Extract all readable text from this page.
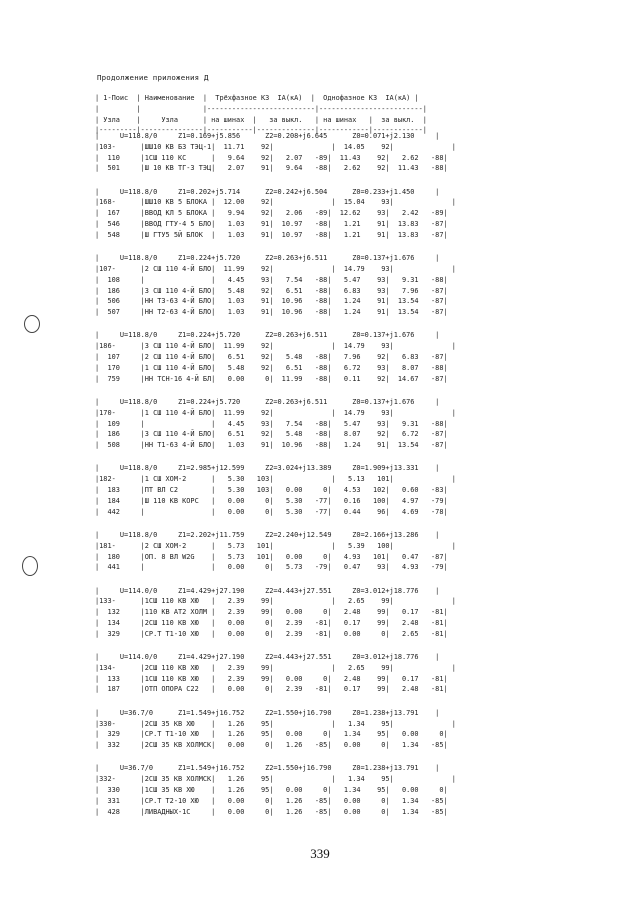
Продолжение приложения Д
| 1-Поис  | Наименование  |  Трёхфазное КЗ  IA(кА)  |  Однофазное КЗ  IA(кА) |
|         |               |--------------------------|-------------------------|
| Узла    |     Узла      | на шинах  |   за выкл.   | на шинах   |  за выкл.  |
|---------|---------------|-----------|--------------|------------|------------|
|     U=118.8/0     Z1=0.169+j5.856      Z2=0.208+j6.645      Z0=0.071+j2.130     |
|103-      |ШШ10 КВ Б3 ТЭЦ-1|  11.71    92|              |  14.05    92|              |
|  110     |1СШ 110 КС      |   9.64    92|   2.07   -89|  11.43    92|   2.62   -88|
|  501     |Ш 10 КВ ТГ-3 ТЭЦ|   2.07    91|   9.64   -88|   2.62    92|  11.43   -88|
|     U=118.8/0     Z1=0.202+j5.714      Z2=0.242+j6.504      Z0=0.233+j1.450     |
|168-      |ШШ10 КВ 5 БЛОКА |  12.00    92|              |  15.04    93|              |
|  167     |ВВОД КЛ 5 БЛОКА |   9.94    92|   2.06   -89|  12.62    93|   2.42   -89|
|  546     |ВВОД ГТУ-4 5 БЛО|   1.03    91|  10.97   -88|   1.21    91|  13.83   -87|
|  548     |Ш ГТУ5 5Й БЛОК  |   1.03    91|  10.97   -88|   1.21    91|  13.83   -87|
|     U=118.8/0     Z1=0.224+j5.720      Z2=0.263+j6.511      Z0=0.137+j1.676     |
|107-      |2 СШ 110 4-Й БЛО|  11.99    92|              |  14.79    93|              |
|  108     |                |   4.45    93|   7.54   -88|   5.47    93|   9.31   -88|
|  186     |3 СШ 110 4-Й БЛО|   5.48    92|   6.51   -88|   6.83    93|   7.96   -87|
|  506     |НН Т3-63 4-Й БЛО|   1.03    91|  10.96   -88|   1.24    91|  13.54   -87|
|  507     |НН Т2-63 4-Й БЛО|   1.03    91|  10.96   -88|   1.24    91|  13.54   -87|
|     U=118.8/0     Z1=0.224+j5.720      Z2=0.263+j6.511      Z0=0.137+j1.676     |
|186-      |3 СШ 110 4-Й БЛО|  11.99    92|              |  14.79    93|              |
|  107     |2 СШ 110 4-Й БЛО|   6.51    92|   5.48   -88|   7.96    92|   6.83   -87|
|  170     |1 СШ 110 4-Й БЛО|   5.48    92|   6.51   -88|   6.72    93|   8.07   -88|
|  759     |НН ТСН-16 4-Й БЛ|   0.00     0|  11.99   -88|   0.11    92|  14.67   -87|
|     U=118.8/0     Z1=0.224+j5.720      Z2=0.263+j6.511      Z0=0.137+j1.676     |
|170-      |1 СШ 110 4-Й БЛО|  11.99    92|              |  14.79    93|              |
|  109     |                |   4.45    93|   7.54   -88|   5.47    93|   9.31   -88|
|  186     |3 СШ 110 4-Й БЛО|   6.51    92|   5.48   -88|   8.07    92|   6.72   -87|
|  508     |НН Т1-63 4-Й БЛО|   1.03    91|  10.96   -88|   1.24    91|  13.54   -87|
|     U=118.8/0     Z1=2.985+j12.599     Z2=3.024+j13.389     Z0=1.909+j13.331    |
|182-      |1 СШ ХОМ-2      |   5.30   103|              |   5.13   101|              |
|  183     |ПТ ВЛ С2        |   5.30   103|   0.00     0|   4.53   102|   0.60   -83|
|  184     |Ш 110 КВ КОРС   |   0.00     0|   5.30   -77|   0.16   100|   4.97   -79|
|  442     |                |   0.00     0|   5.30   -77|   0.44    96|   4.69   -78|
|     U=118.8/0     Z1=2.202+j11.759     Z2=2.240+j12.549     Z0=2.166+j13.286    |
|181-      |2 СШ ХОМ-2      |   5.73   101|              |   5.39   100|              |
|  180     |ОП. 8 ВЛ W2G    |   5.73   101|   0.00     0|   4.93   101|   0.47   -87|
|  441     |                |   0.00     0|   5.73   -79|   0.47    93|   4.93   -79|
|     U=114.0/0     Z1=4.429+j27.190     Z2=4.443+j27.551     Z0=3.012+j18.776    |
|133-      |1СШ 110 КВ ХЮ   |   2.39    99|              |   2.65    99|              |
|  132     |110 КВ АТ2 ХОЛМ |   2.39    99|   0.00     0|   2.48    99|   0.17   -81|
|  134     |2СШ 110 КВ ХЮ   |   0.00     0|   2.39   -81|   0.17    99|   2.48   -81|
|  329     |СР.Т Т1-10 ХЮ   |   0.00     0|   2.39   -81|   0.00     0|   2.65   -81|
|     U=114.0/0     Z1=4.429+j27.190     Z2=4.443+j27.551     Z0=3.012+j18.776    |
|134-      |2СШ 110 КВ ХЮ   |   2.39    99|              |   2.65    99|              |
|  133     |1СШ 110 КВ ХЮ   |   2.39    99|   0.00     0|   2.48    99|   0.17   -81|
|  187     |ОТП ОПОРА С22   |   0.00     0|   2.39   -81|   0.17    99|   2.48   -81|
|     U=36.7/0      Z1=1.549+j16.752     Z2=1.550+j16.790     Z0=1.238+j13.791    |
|330-      |2СШ 35 КВ ХЮ    |   1.26    95|              |   1.34    95|              |
|  329     |СР.Т Т1-10 ХЮ   |   1.26    95|   0.00     0|   1.34    95|   0.00     0|
|  332     |2СШ 35 КВ ХОЛМСК|   0.00     0|   1.26   -85|   0.00     0|   1.34   -85|
|     U=36.7/0      Z1=1.549+j16.752     Z2=1.550+j16.790     Z0=1.238+j13.791    |
|332-      |2СШ 35 КВ ХОЛМСК|   1.26    95|              |   1.34    95|              |
|  330     |1СШ 35 КВ ХЮ    |   1.26    95|   0.00     0|   1.34    95|   0.00     0|
|  331     |СР.Т Т2-10 ХЮ   |   0.00     0|   1.26   -85|   0.00     0|   1.34   -85|
|  428     |ЛИВАДНЫХ-1С     |   0.00     0|   1.26   -85|   0.00     0|   1.34   -85|
339
